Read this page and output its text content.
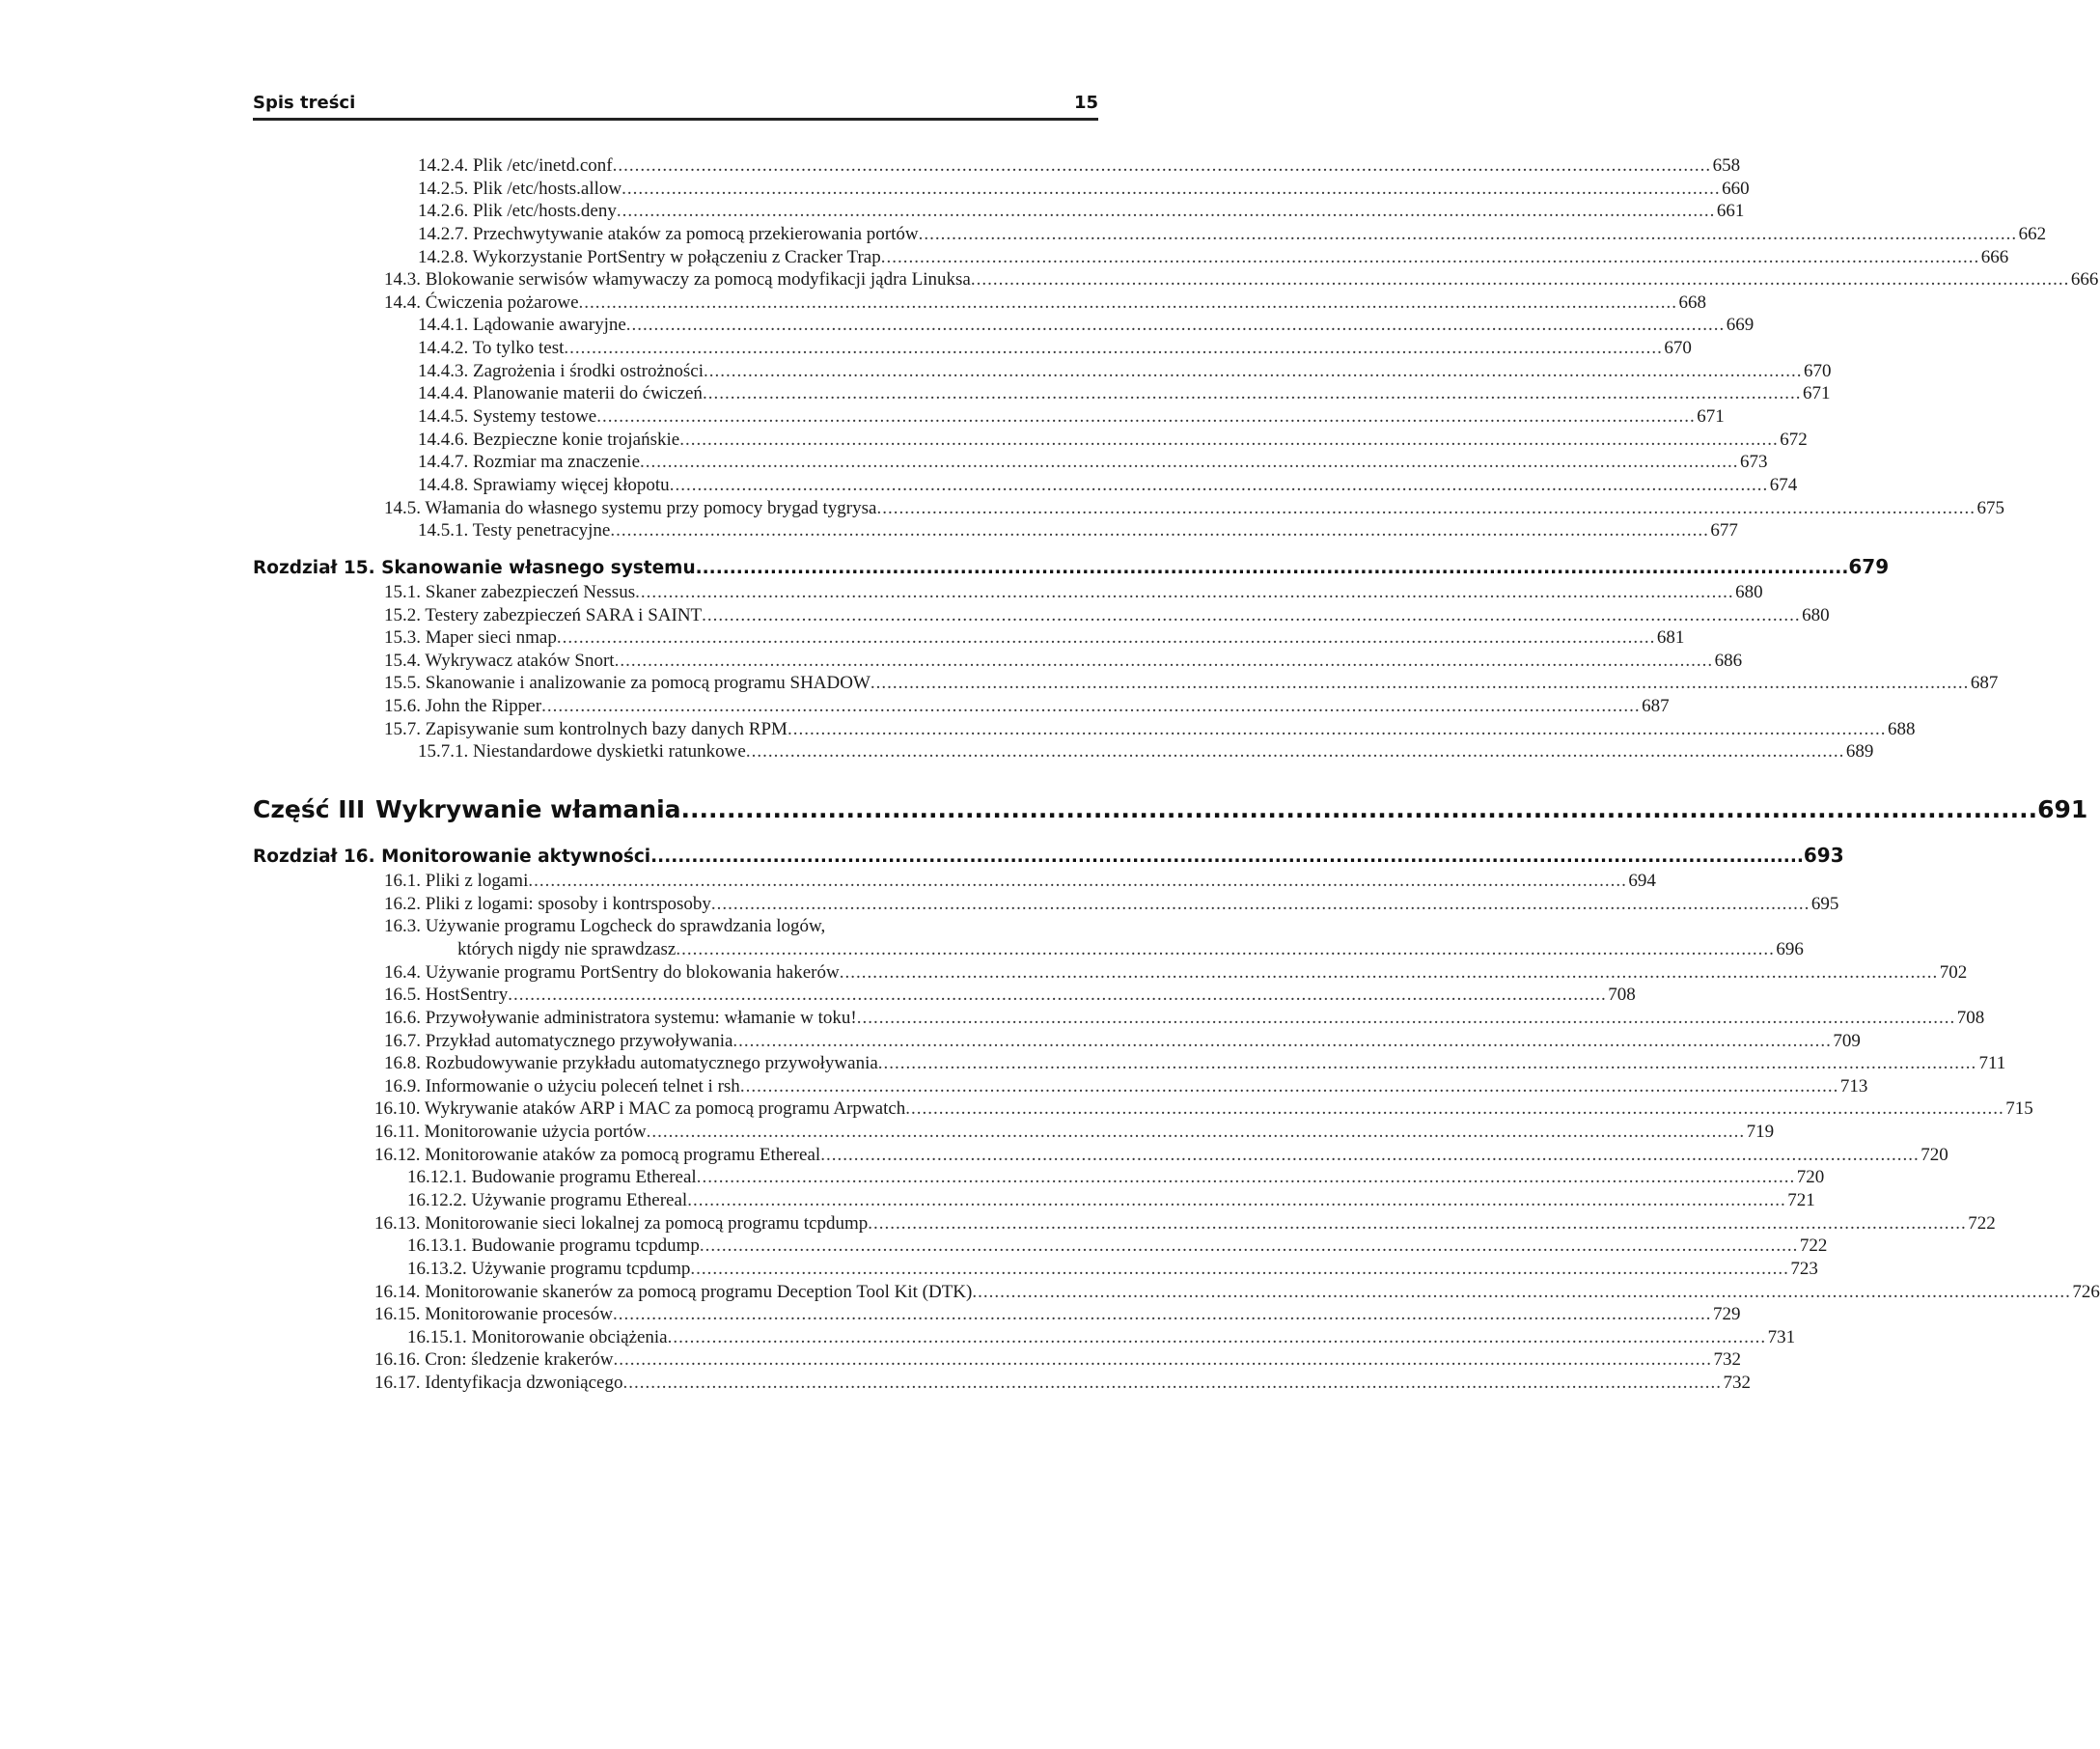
Spis treści	15
14.2.4. Plik /etc/inetd.conf .....	658
14.2.5. Plik /etc/hosts.allow .....	660
14.2.6. Plik /etc/hosts.deny .....	661
14.2.7. Przechwytywanie ataków za pomocą przekierowania portów .....	662
14.2.8. Wykorzystanie PortSentry w połączeniu z Cracker Trap .....	666
14.3. Blokowanie serwisów włamywaczy za pomocą modyfikacji jądra Linuksa .....	666
14.4. Ćwiczenia pożarowe .....	668
14.4.1. Lądowanie awaryjne .....	669
14.4.2. To tylko test .....	670
14.4.3. Zagrożenia i środki ostrożności .....	670
14.4.4. Planowanie materii do ćwiczeń .....	671
14.4.5. Systemy testowe .....	671
14.4.6. Bezpieczne konie trojańskie .....	672
14.4.7. Rozmiar ma znaczenie .....	673
14.4.8. Sprawiamy więcej kłopotu .....	674
14.5. Włamania do własnego systemu przy pomocy brygad tygrysa .....	675
14.5.1. Testy penetracyjne .....	677
Rozdział 15. Skanowanie własnego systemu .....	679
15.1. Skaner zabezpieczeń Nessus .....	680
15.2. Testery zabezpieczeń SARA i SAINT .....	680
15.3. Maper sieci nmap .....	681
15.4. Wykrywacz ataków Snort .....	686
15.5. Skanowanie i analizowanie za pomocą programu SHADOW .....	687
15.6. John the Ripper .....	687
15.7. Zapisywanie sum kontrolnych bazy danych RPM .....	688
15.7.1. Niestandardowe dyskietki ratunkowe .....	689
Część III Wykrywanie włamania .....	691
Rozdział 16. Monitorowanie aktywności .....	693
16.1. Pliki z logami .....	694
16.2. Pliki z logami: sposoby i kontrsposoby .....	695
16.3. Używanie programu Logcheck do sprawdzania logów,
których nigdy nie sprawdzasz .....	696
16.4. Używanie programu PortSentry do blokowania hakerów .....	702
16.5. HostSentry .....	708
16.6. Przywoływanie administratora systemu: włamanie w toku! .....	708
16.7. Przykład automatycznego przywoływania .....	709
16.8. Rozbudowywanie przykładu automatycznego przywoływania .....	711
16.9. Informowanie o użyciu poleceń telnet i rsh .....	713
16.10. Wykrywanie ataków ARP i MAC za pomocą programu Arpwatch .....	715
16.11. Monitorowanie użycia portów .....	719
16.12. Monitorowanie ataków za pomocą programu Ethereal .....	720
16.12.1. Budowanie programu Ethereal .....	720
16.12.2. Używanie programu Ethereal .....	721
16.13. Monitorowanie sieci lokalnej za pomocą programu tcpdump .....	722
16.13.1. Budowanie programu tcpdump .....	722
16.13.2. Używanie programu tcpdump .....	723
16.14. Monitorowanie skanerów za pomocą programu Deception Tool Kit (DTK) .....	726
16.15. Monitorowanie procesów .....	729
16.15.1. Monitorowanie obciążenia .....	731
16.16. Cron: śledzenie krakerów .....	732
16.17. Identyfikacja dzwoniącego .....	732
